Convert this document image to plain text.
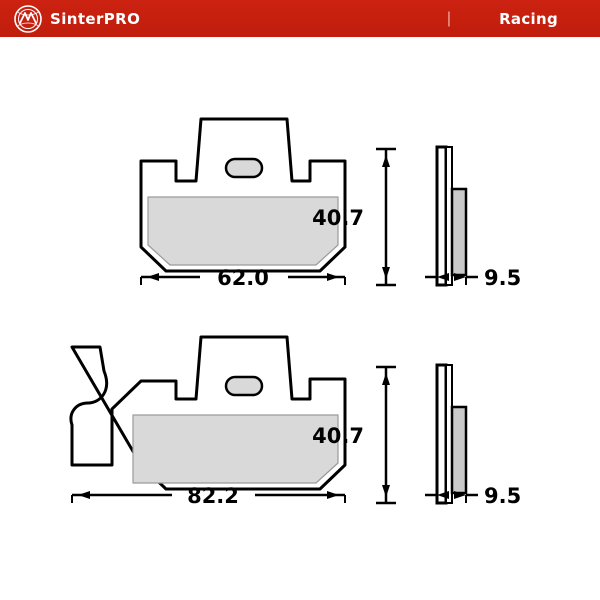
SinterPRO	|	Racing
40.7
62.0	9.5
40.7
82.2	9.5
